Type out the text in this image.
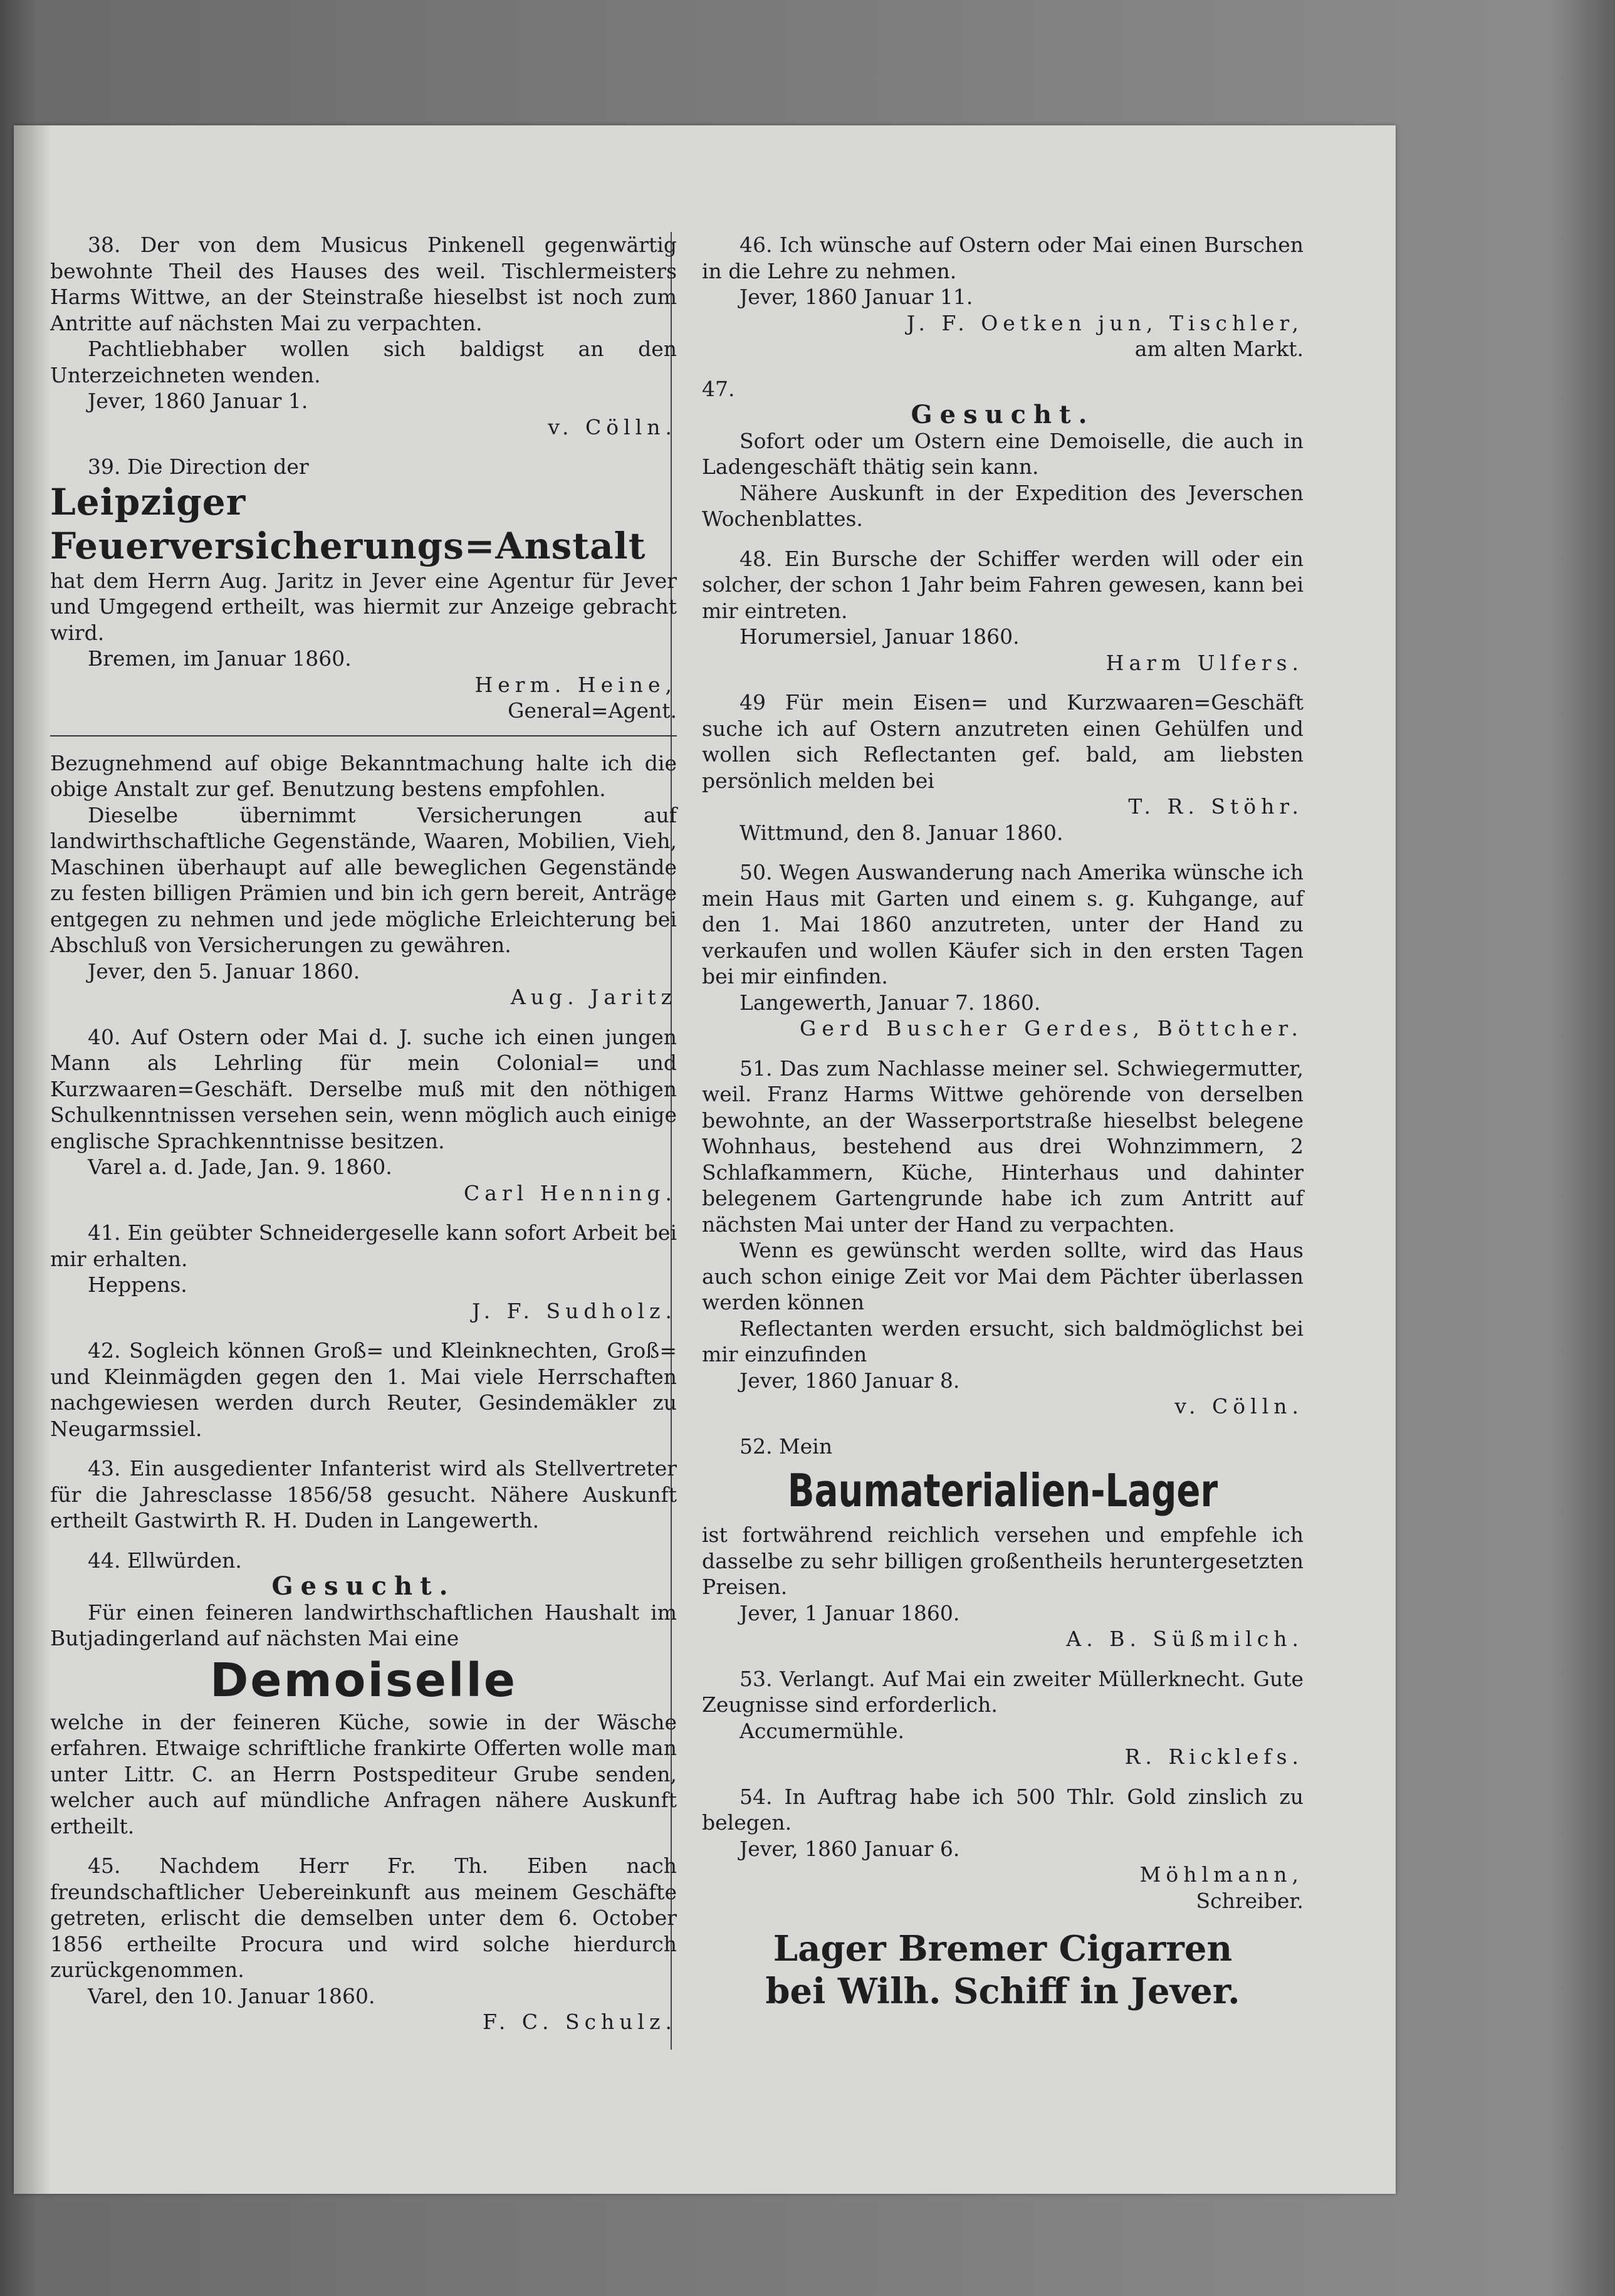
38. Der von dem Musicus Pinkenell gegenwärtig bewohnte Theil des Hauses des weil. Tischlermeisters Harms Wittwe, an der Steinstraße hieselbst ist noch zum Antritte auf nächsten Mai zu verpachten.

Pachtliebhaber wollen sich baldigst an den Unterzeichneten wenden.

Jever, 1860 Januar 1.

v. Cölln.

39. Die Direction der

Leipziger Feuerversicherungs=Anstalt

hat dem Herrn Aug. Jaritz in Jever eine Agentur für Jever und Umgegend ertheilt, was hiermit zur Anzeige gebracht wird.

Bremen, im Januar 1860.

Herm. Heine,

General=Agent.

Bezugnehmend auf obige Bekanntmachung halte ich die obige Anstalt zur gef. Benutzung bestens empfohlen.

Dieselbe übernimmt Versicherungen auf landwirthschaftliche Gegenstände, Waaren, Mobilien, Vieh, Maschinen überhaupt auf alle beweglichen Gegenstände zu festen billigen Prämien und bin ich gern bereit, Anträge entgegen zu nehmen und jede mögliche Erleichterung bei Abschluß von Versicherungen zu gewähren.

Jever, den 5. Januar 1860.

Aug. Jaritz

40. Auf Ostern oder Mai d. J. suche ich einen jungen Mann als Lehrling für mein Colonial= und Kurzwaaren=Geschäft. Derselbe muß mit den nöthigen Schulkenntnissen versehen sein, wenn möglich auch einige englische Sprachkenntnisse besitzen.

Varel a. d. Jade, Jan. 9. 1860.

Carl Henning.

41. Ein geübter Schneidergeselle kann sofort Arbeit bei mir erhalten.

Heppens.

J. F. Sudholz.

42. Sogleich können Groß= und Kleinknechten, Groß= und Kleinmägden gegen den 1. Mai viele Herrschaften nachgewiesen werden durch Reuter, Gesindemäkler zu Neugarmssiel.

43. Ein ausgedienter Infanterist wird als Stellvertreter für die Jahresclasse 1856/58 gesucht. Nähere Auskunft ertheilt Gastwirth R. H. Duden in Langewerth.

44. Ellwürden.

Gesucht.

Für einen feineren landwirthschaftlichen Haushalt im Butjadingerland auf nächsten Mai eine

Demoiselle

welche in der feineren Küche, sowie in der Wäsche erfahren. Etwaige schriftliche frankirte Offerten wolle man unter Littr. C. an Herrn Postspediteur Grube senden, welcher auch auf mündliche Anfragen nähere Auskunft ertheilt.

45. Nachdem Herr Fr. Th. Eiben nach freundschaftlicher Uebereinkunft aus meinem Geschäfte getreten, erlischt die demselben unter dem 6. October 1856 ertheilte Procura und wird solche hierdurch zurückgenommen.

Varel, den 10. Januar 1860.

F. C. Schulz.

46. Ich wünsche auf Ostern oder Mai einen Burschen in die Lehre zu nehmen.

Jever, 1860 Januar 11.

J. F. Oetken jun, Tischler,

am alten Markt.

47.

Gesucht.

Sofort oder um Ostern eine Demoiselle, die auch in Ladengeschäft thätig sein kann.

Nähere Auskunft in der Expedition des Jeverschen Wochenblattes.

48. Ein Bursche der Schiffer werden will oder ein solcher, der schon 1 Jahr beim Fahren gewesen, kann bei mir eintreten.

Horumersiel, Januar 1860.

Harm Ulfers.

49 Für mein Eisen= und Kurzwaaren=Geschäft suche ich auf Ostern anzutreten einen Gehülfen und wollen sich Reflectanten gef. bald, am liebsten persönlich melden bei

T. R. Stöhr.

Wittmund, den 8. Januar 1860.

50. Wegen Auswanderung nach Amerika wünsche ich mein Haus mit Garten und einem s. g. Kuhgange, auf den 1. Mai 1860 anzutreten, unter der Hand zu verkaufen und wollen Käufer sich in den ersten Tagen bei mir einfinden.

Langewerth, Januar 7. 1860.

Gerd Buscher Gerdes, Böttcher.

51. Das zum Nachlasse meiner sel. Schwiegermutter, weil. Franz Harms Wittwe gehörende von derselben bewohnte, an der Wasserportstraße hieselbst belegene Wohnhaus, bestehend aus drei Wohnzimmern, 2 Schlafkammern, Küche, Hinterhaus und dahinter belegenem Gartengrunde habe ich zum Antritt auf nächsten Mai unter der Hand zu verpachten.

Wenn es gewünscht werden sollte, wird das Haus auch schon einige Zeit vor Mai dem Pächter überlassen werden können

Reflectanten werden ersucht, sich baldmöglichst bei mir einzufinden

Jever, 1860 Januar 8.

v. Cölln.

52. Mein

Baumaterialien-Lager

ist fortwährend reichlich versehen und empfehle ich dasselbe zu sehr billigen großentheils heruntergesetzten Preisen.

Jever, 1 Januar 1860.

A. B. Süßmilch.

53. Verlangt. Auf Mai ein zweiter Müllerknecht. Gute Zeugnisse sind erforderlich.

Accumermühle.

R. Ricklefs.

54. In Auftrag habe ich 500 Thlr. Gold zinslich zu belegen.

Jever, 1860 Januar 6.

Möhlmann,

Schreiber.

Lager Bremer Cigarren

bei Wilh. Schiff in Jever.
